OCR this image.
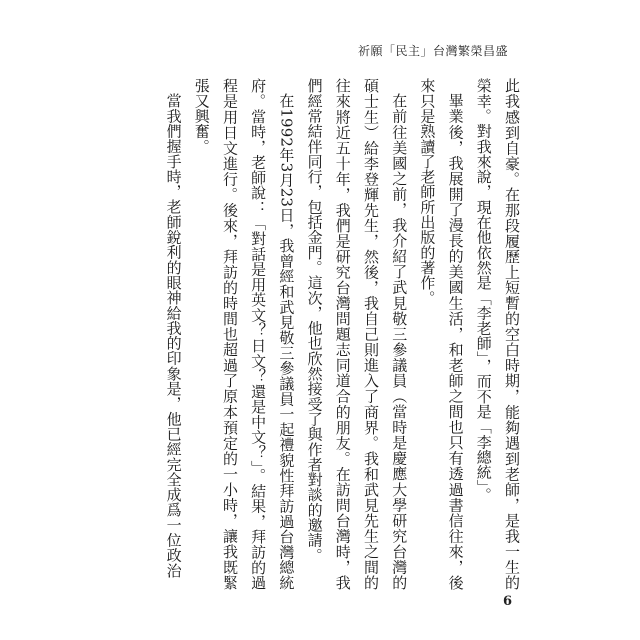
祈願「民主」台灣繁榮昌盛

此我感到自豪。在那段履歷上短暫的空白時期，能夠遇到老師，是我一生的榮幸。對我來說，現在他依然是「李老師」，而不是「李總統」。

畢業後，我展開了漫長的美國生活，和老師之間也只有透過書信往來，後來只是熟讀了老師所出版的著作。

在前往美國之前，我介紹了武見敬三參議員（當時是慶應大學研究台灣的碩士生）給李登輝先生，然後，我自己則進入了商界。我和武見先生之間的往來將近五十年，我們是研究台灣問題志同道合的朋友。在訪問台灣時，我們經常結伴同行，包括金門。這次，他也欣然接受了與作者對談的邀請。

在1992年3月23日，我曾經和武見敬三參議員一起禮貌性拜訪過台灣總統府。當時，老師說：「對話是用英文？日文？還是中文？」。結果，拜訪的過程是用日文進行。後來，拜訪的時間也超過了原本預定的一小時，讓我既緊張又興奮。

當我們握手時，老師銳利的眼神給我的印象是，他已經完全成爲一位政治

6
